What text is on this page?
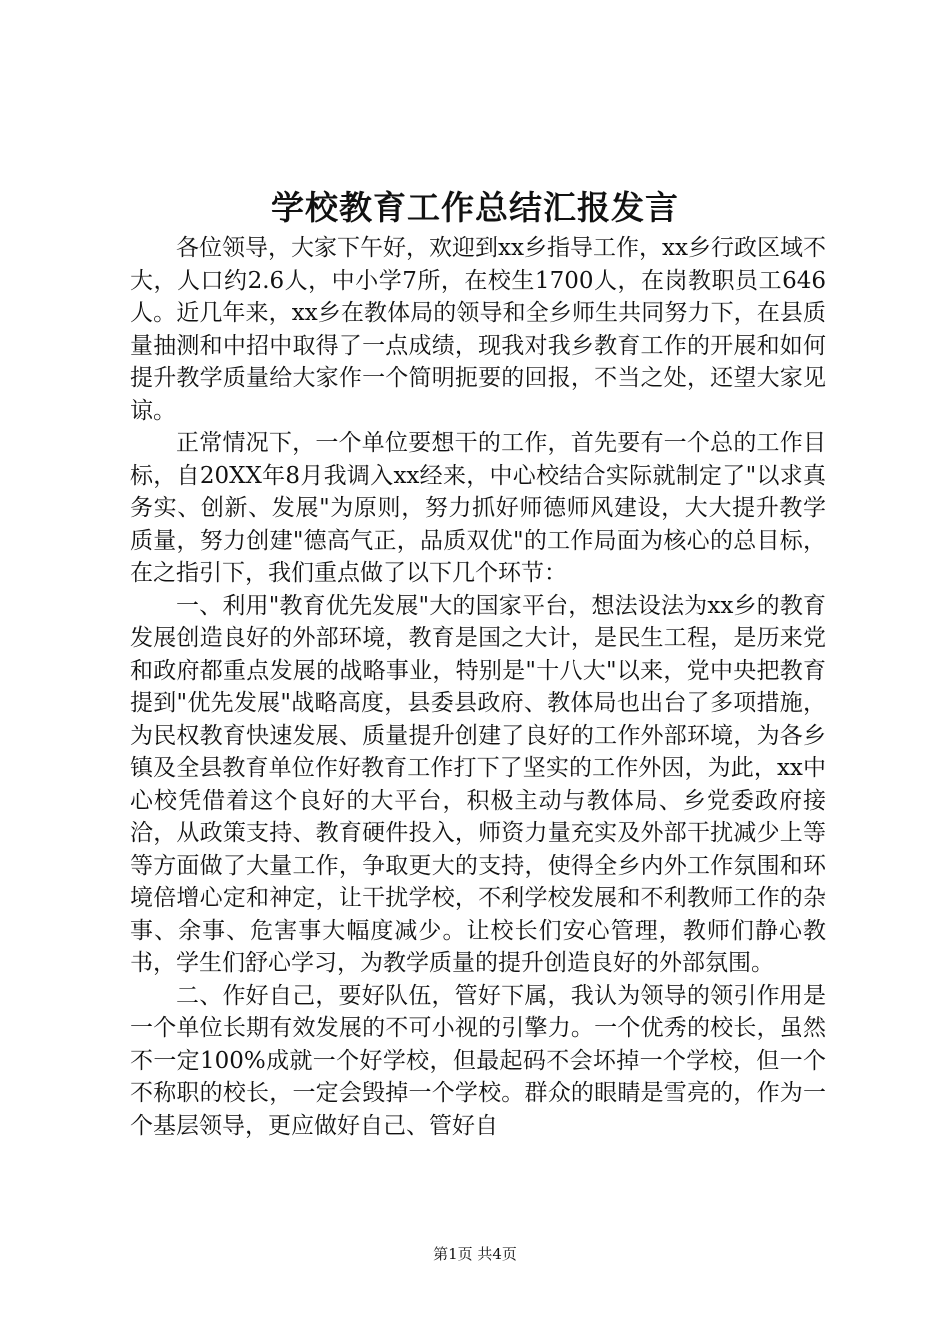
学校教育工作总结汇报发言

各位领导，大家下午好，欢迎到xx乡指导工作，xx乡行政区域不大，人口约2.6人，中小学7所，在校生1700人，在岗教职员工646人。近几年来，xx乡在教体局的领导和全乡师生共同努力下，在县质量抽测和中招中取得了一点成绩，现我对我乡教育工作的开展和如何提升教学质量给大家作一个简明扼要的回报，不当之处，还望大家见谅。

正常情况下，一个单位要想干的工作，首先要有一个总的工作目标，自20XX年8月我调入xx经来，中心校结合实际就制定了"以求真务实、创新、发展"为原则，努力抓好师德师风建设，大大提升教学质量，努力创建"德高气正，品质双优"的工作局面为核心的总目标，在之指引下，我们重点做了以下几个环节：

一、利用"教育优先发展"大的国家平台，想法设法为xx乡的教育发展创造良好的外部环境，教育是国之大计，是民生工程，是历来党和政府都重点发展的战略事业，特别是"十八大"以来，党中央把教育提到"优先发展"战略高度，县委县政府、教体局也出台了多项措施，为民权教育快速发展、质量提升创建了良好的工作外部环境，为各乡镇及全县教育单位作好教育工作打下了坚实的工作外因，为此，xx中心校凭借着这个良好的大平台，积极主动与教体局、乡党委政府接洽，从政策支持、教育硬件投入，师资力量充实及外部干扰减少上等等方面做了大量工作，争取更大的支持，使得全乡内外工作氛围和环境倍增心定和神定，让干扰学校，不利学校发展和不利教师工作的杂事、余事、危害事大幅度减少。让校长们安心管理，教师们静心教书，学生们舒心学习，为教学质量的提升创造良好的外部氛围。

二、作好自己，要好队伍，管好下属，我认为领导的领引作用是一个单位长期有效发展的不可小视的引擎力。一个优秀的校长，虽然不一定100%成就一个好学校，但最起码不会坏掉一个学校，但一个不称职的校长，一定会毁掉一个学校。群众的眼睛是雪亮的，作为一个基层领导，更应做好自己、管好自

第1页 共4页
